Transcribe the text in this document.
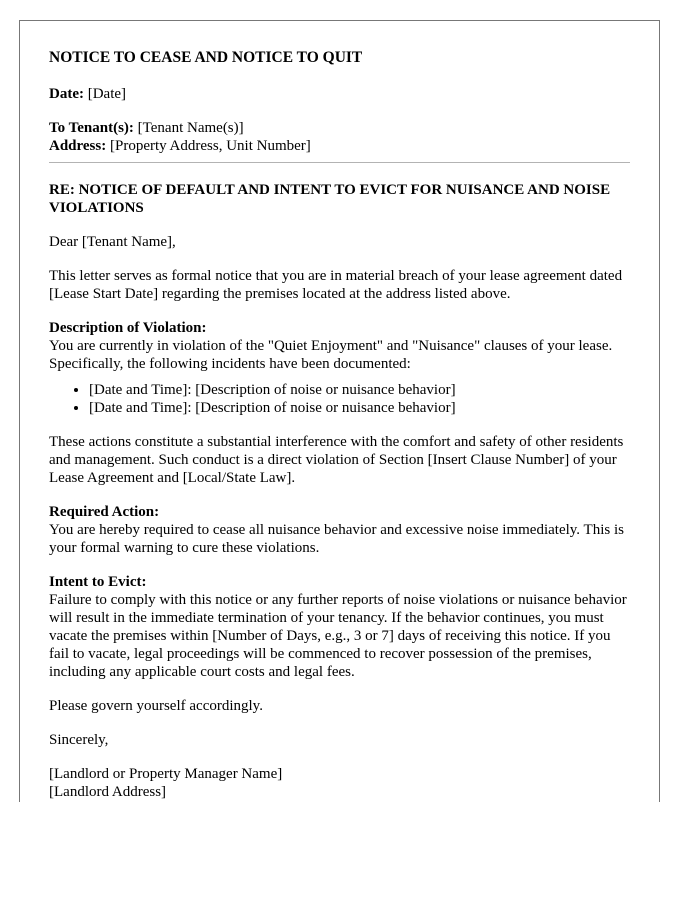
NOTICE TO CEASE AND NOTICE TO QUIT
Date: [Date]
To Tenant(s): [Tenant Name(s)]
Address: [Property Address, Unit Number]
RE: NOTICE OF DEFAULT AND INTENT TO EVICT FOR NUISANCE AND NOISE VIOLATIONS

Dear [Tenant Name],

This letter serves as formal notice that you are in material breach of your lease agreement dated [Lease Start Date] regarding the premises located at the address listed above.

Description of Violation:
You are currently in violation of the "Quiet Enjoyment" and "Nuisance" clauses of your lease. Specifically, the following incidents have been documented:
• [Date and Time]: [Description of noise or nuisance behavior]
• [Date and Time]: [Description of noise or nuisance behavior]

These actions constitute a substantial interference with the comfort and safety of other residents and management. Such conduct is a direct violation of Section [Insert Clause Number] of your Lease Agreement and [Local/State Law].

Required Action:
You are hereby required to cease all nuisance behavior and excessive noise immediately. This is your formal warning to cure these violations.
Intent to Evict:
Failure to comply with this notice or any further reports of noise violations or nuisance behavior will result in the immediate termination of your tenancy. If the behavior continues, you must vacate the premises within [Number of Days, e.g., 3 or 7] days of receiving this notice. If you fail to vacate, legal proceedings will be commenced to recover possession of the premises, including any applicable court costs and legal fees.

Please govern yourself accordingly.

Sincerely,

[Landlord or Property Manager Name]
[Landlord Address]
